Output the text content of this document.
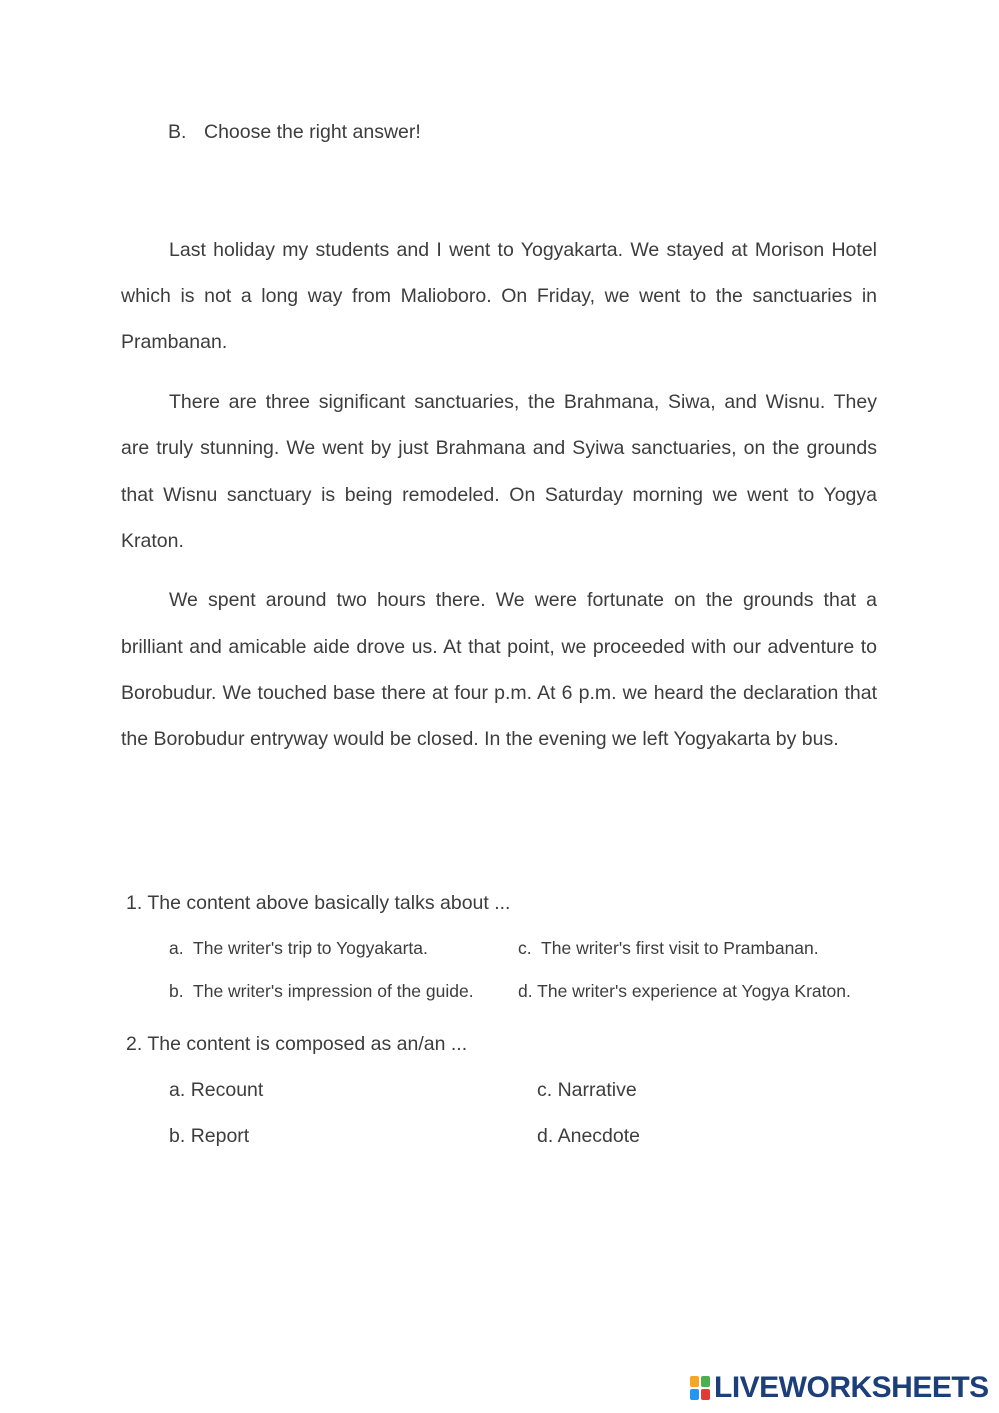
B. Choose the right answer!

Last holiday my students and I went to Yogyakarta. We stayed at Morison Hotel which is not a long way from Malioboro. On Friday, we went to the sanctuaries in Prambanan.

There are three significant sanctuaries, the Brahmana, Siwa, and Wisnu. They are truly stunning. We went by just Brahmana and Syiwa sanctuaries, on the grounds that Wisnu sanctuary is being remodeled. On Saturday morning we went to Yogya Kraton.

We spent around two hours there. We were fortunate on the grounds that a brilliant and amicable aide drove us. At that point, we proceeded with our adventure to Borobudur. We touched base there at four p.m. At 6 p.m. we heard the declaration that the Borobudur entryway would be closed. In the evening we left Yogyakarta by bus.

1. The content above basically talks about ...
a. The writer's trip to Yogyakarta.
b. The writer's impression of the guide.
c. The writer's first visit to Prambanan.
d. The writer's experience at Yogya Kraton.
2. The content is composed as an/an ...
a. Recount
b. Report
c. Narrative
d. Anecdote
LIVEWORKSHEETS
